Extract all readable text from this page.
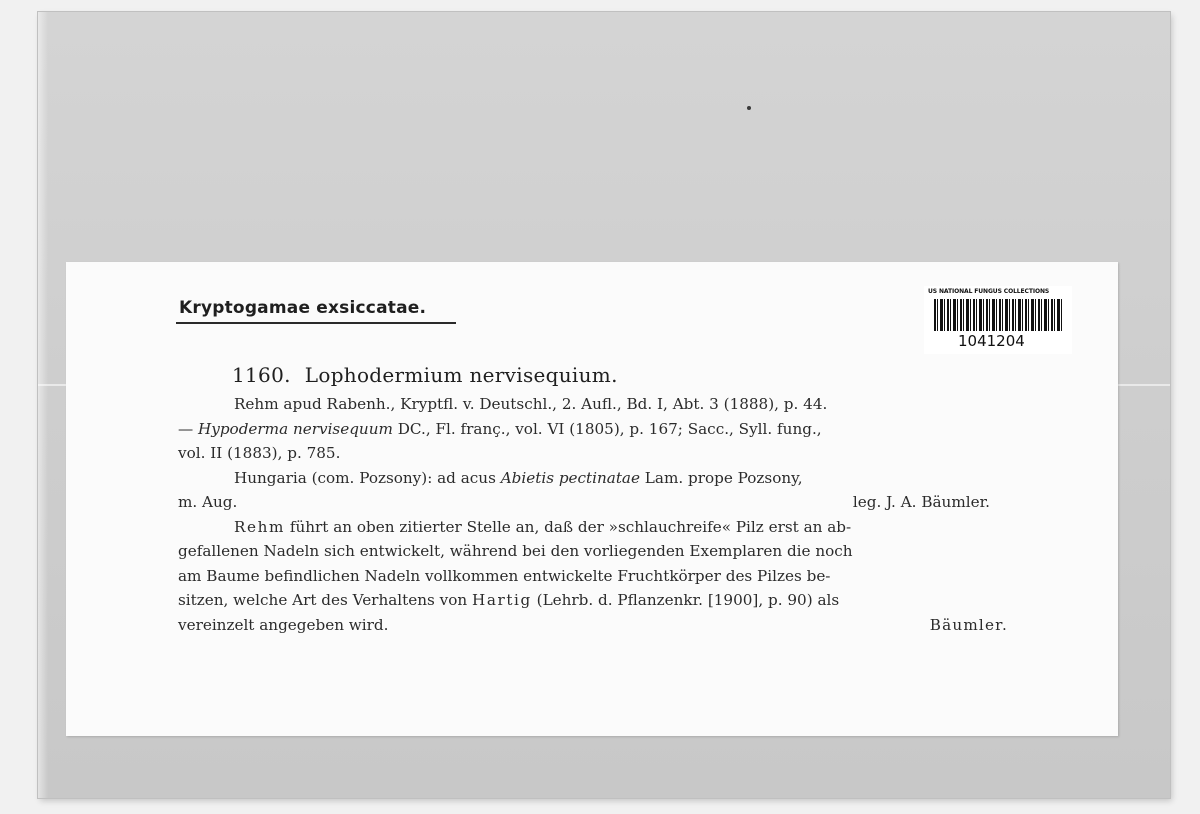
Kryptogamae exsiccatae.
US NATIONAL FUNGUS COLLECTIONS
1041204
1160. Lophodermium nervisequium.

Rehm apud Rabenh., Kryptfl. v. Deutschl., 2. Aufl., Bd. I, Abt. 3 (1888), p. 44.

— Hypoderma nervisequum DC., Fl. franç., vol. VI (1805), p. 167; Sacc., Syll. fung.,

vol. II (1883), p. 785.

Hungaria (com. Pozsony): ad acus Abietis pectinatae Lam. prope Pozsony,

m. Aug.	leg. J. A. Bäumler.

Rehm führt an oben zitierter Stelle an, daß der »schlauchreife« Pilz erst an ab-

gefallenen Nadeln sich entwickelt, während bei den vorliegenden Exemplaren die noch

am Baume befindlichen Nadeln vollkommen entwickelte Fruchtkörper des Pilzes be-

sitzen, welche Art des Verhaltens von Hartig (Lehrb. d. Pflanzenkr. [1900], p. 90) als

vereinzelt angegeben wird.	Bäumler.
